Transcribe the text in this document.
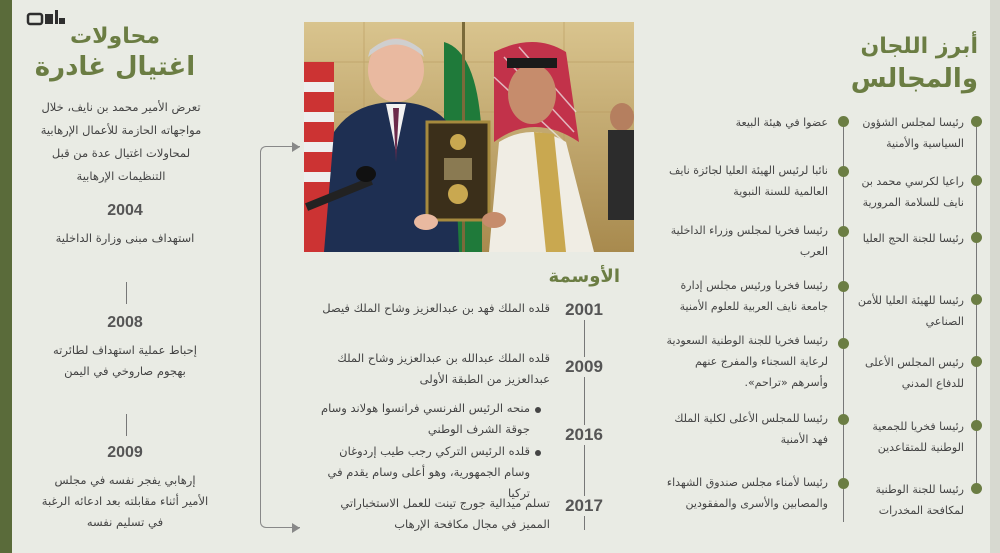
محاولات
اغتيال غادرة
تعرض الأمير محمد بن نايف، خلال مواجهاته الحازمة للأعمال الإرهابية لمحاولات اغتيال عدة من قبل التنظيمات الإرهابية
2004
استهداف مبنى وزارة الداخلية
2008
إحباط عملية استهداف لطائرته بهجوم صاروخي في اليمن
2009
إرهابي يفجر نفسه في مجلس الأمير أثناء مقابلته بعد ادعائه الرغبة في تسليم نفسه
الأوسمة
2001
قلده الملك فهد بن عبدالعزيز وشاح الملك فيصل
2009
قلده الملك عبدالله بن عبدالعزيز وشاح الملك عبدالعزيز من الطبقة الأولى
2016
منحه الرئيس الفرنسي فرانسوا هولاند وسام جوقة الشرف الوطني
قلده الرئيس التركي رجب طيب إردوغان وسام الجمهورية، وهو أعلى وسام يقدم في تركيا
2017
تسلم ميدالية جورج تينت للعمل الاستخباراتي المميز في مجال مكافحة الإرهاب
أبرز اللجان
والمجالس
رئيسا لمجلس الشؤون السياسية والأمنية
راعيا لكرسي محمد بن نايف للسلامة المرورية
رئيسا للجنة الحج العليا
رئيسا للهيئة العليا للأمن الصناعي
رئيس المجلس الأعلى للدفاع المدني
رئيسا فخريا للجمعية الوطنية للمتقاعدين
رئيسا للجنة الوطنية لمكافحة المخدرات
عضوا في هيئة البيعة
نائبا لرئيس الهيئة العليا لجائزة نايف العالمية للسنة النبوية
رئيسا فخريا لمجلس وزراء الداخلية العرب
رئيسا فخريا ورئيس مجلس إدارة جامعة نايف العربية للعلوم الأمنية
رئيسا فخريا للجنة الوطنية السعودية لرعاية السجناء والمفرج عنهم وأسرهم «تراحم».
رئيسا للمجلس الأعلى لكلية الملك فهد الأمنية
رئيسا لأمناء مجلس صندوق الشهداء والمصابين والأسرى والمفقودين
